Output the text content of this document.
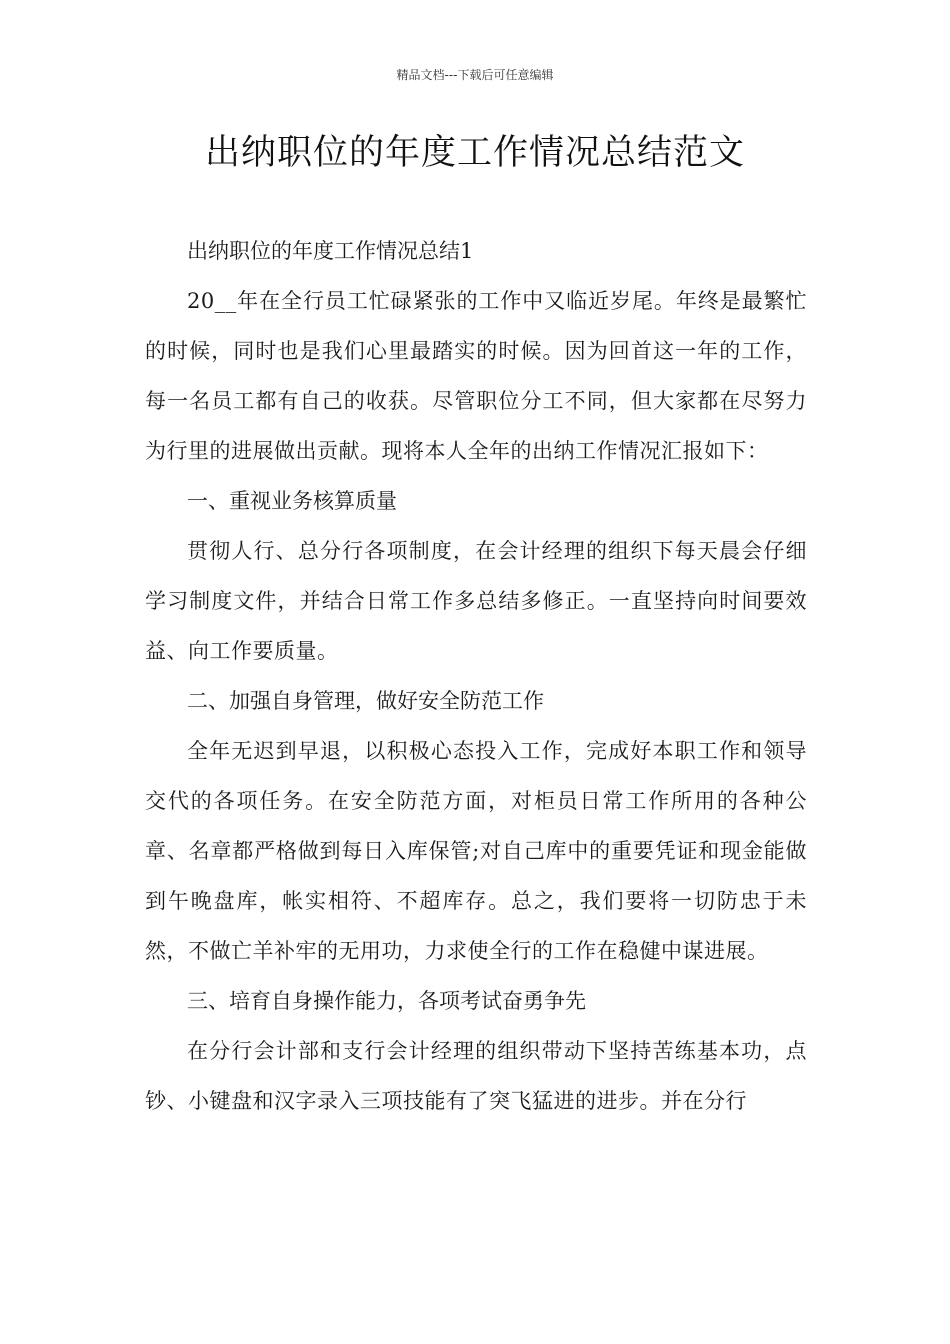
精品文档---下载后可任意编辑
出纳职位的年度工作情况总结范文

出纳职位的年度工作情况总结1

20__年在全行员工忙碌紧张的工作中又临近岁尾。年终是最繁忙的时候，同时也是我们心里最踏实的时候。因为回首这一年的工作，每一名员工都有自己的收获。尽管职位分工不同，但大家都在尽努力为行里的进展做出贡献。现将本人全年的出纳工作情况汇报如下：

一、重视业务核算质量

贯彻人行、总分行各项制度，在会计经理的组织下每天晨会仔细学习制度文件，并结合日常工作多总结多修正。一直坚持向时间要效益、向工作要质量。

二、加强自身管理，做好安全防范工作

全年无迟到早退，以积极心态投入工作，完成好本职工作和领导交代的各项任务。在安全防范方面，对柜员日常工作所用的各种公章、名章都严格做到每日入库保管;对自己库中的重要凭证和现金能做到午晚盘库，帐实相符、不超库存。总之，我们要将一切防忠于未然，不做亡羊补牢的无用功，力求使全行的工作在稳健中谋进展。

三、培育自身操作能力，各项考试奋勇争先

在分行会计部和支行会计经理的组织带动下坚持苦练基本功，点钞、小键盘和汉字录入三项技能有了突飞猛进的进步。并在分行
